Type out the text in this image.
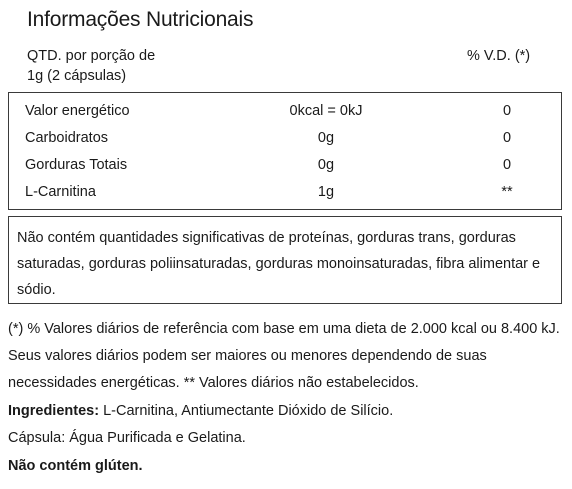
Informações Nutricionais
QTD. por porção de
1g (2 cápsulas)
% V.D. (*)
Valor energético	0kcal = 0kJ	0
Carboidratos	0g	0
Gorduras Totais	0g	0
L-Carnitina	1g	**
Não contém quantidades significativas de proteínas, gorduras trans, gorduras saturadas, gorduras poliinsaturadas, gorduras monoinsaturadas, fibra alimentar e sódio.
(*) % Valores diários de referência com base em uma dieta de 2.000 kcal ou 8.400 kJ. Seus valores diários podem ser maiores ou menores dependendo de suas necessidades energéticas. ** Valores diários não estabelecidos.
Ingredientes: L-Carnitina, Antiumectante Dióxido de Silício.
Cápsula: Água Purificada e Gelatina.
Não contém glúten.
